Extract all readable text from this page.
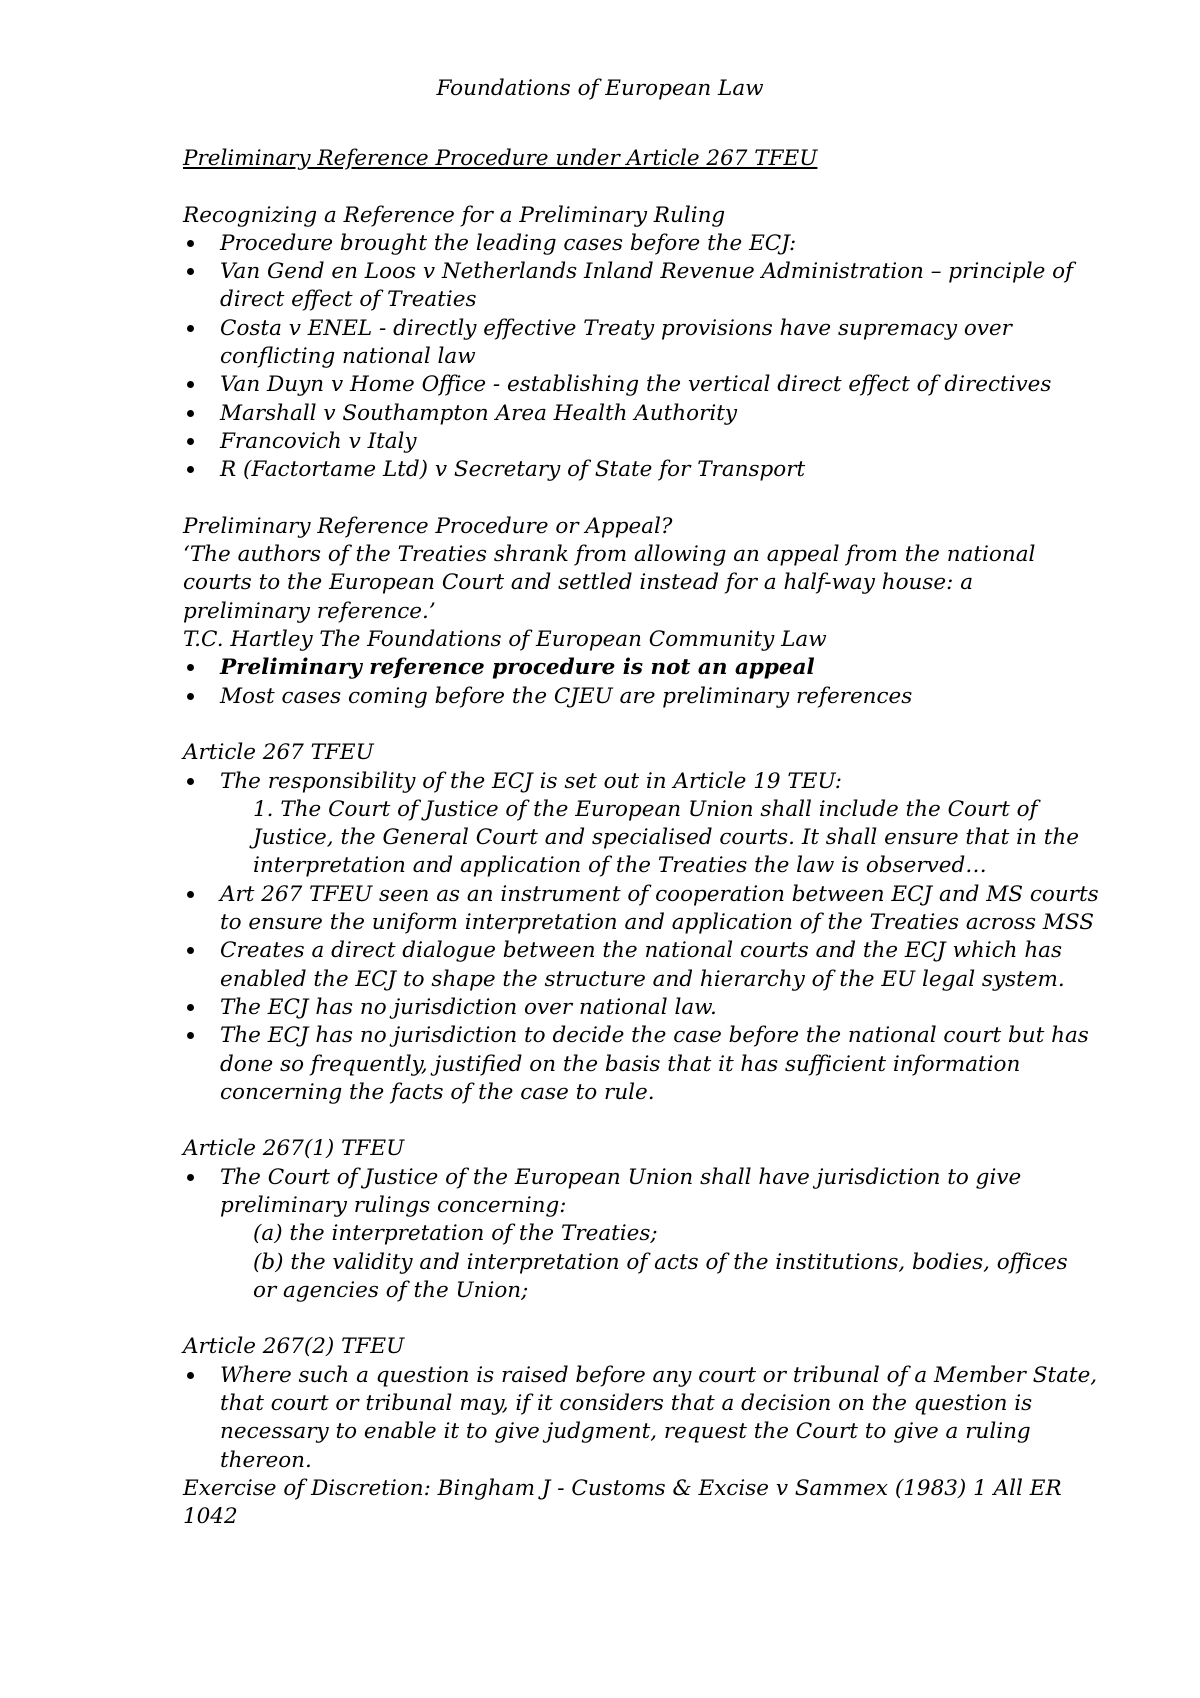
Foundations of European Law
Preliminary Reference Procedure under Article 267 TFEU
Recognizing a Reference for a Preliminary Ruling
Procedure brought the leading cases before the ECJ:
Van Gend en Loos v Netherlands Inland Revenue Administration – principle of
direct effect of Treaties
Costa v ENEL - directly effective Treaty provisions have supremacy over
conflicting national law
Van Duyn v Home Office - establishing the vertical direct effect of directives
Marshall v Southampton Area Health Authority
Francovich v Italy
R (Factortame Ltd) v Secretary of State for Transport
Preliminary Reference Procedure or Appeal?
‘The authors of the Treaties shrank from allowing an appeal from the national
courts to the European Court and settled instead for a half-way house: a
preliminary reference.’
T.C. Hartley The Foundations of European Community Law
Preliminary reference procedure is not an appeal
Most cases coming before the CJEU are preliminary references
Article 267 TFEU
The responsibility of the ECJ is set out in Article 19 TEU:
1. The Court of Justice of the European Union shall include the Court of
Justice, the General Court and specialised courts. It shall ensure that in the
interpretation and application of the Treaties the law is observed…
Art 267 TFEU seen as an instrument of cooperation between ECJ and MS courts
to ensure the uniform interpretation and application of the Treaties across MSS
Creates a direct dialogue between the national courts and the ECJ which has
enabled the ECJ to shape the structure and hierarchy of the EU legal system.
The ECJ has no jurisdiction over national law.
The ECJ has no jurisdiction to decide the case before the national court but has
done so frequently, justified on the basis that it has sufficient information
concerning the facts of the case to rule.
Article 267(1) TFEU
The Court of Justice of the European Union shall have jurisdiction to give
preliminary rulings concerning:
(a) the interpretation of the Treaties;
(b) the validity and interpretation of acts of the institutions, bodies, offices
or agencies of the Union;
Article 267(2) TFEU
Where such a question is raised before any court or tribunal of a Member State,
that court or tribunal may, if it considers that a decision on the question is
necessary to enable it to give judgment, request the Court to give a ruling
thereon.
Exercise of Discretion: Bingham J - Customs & Excise v Sammex (1983) 1 All ER
1042
